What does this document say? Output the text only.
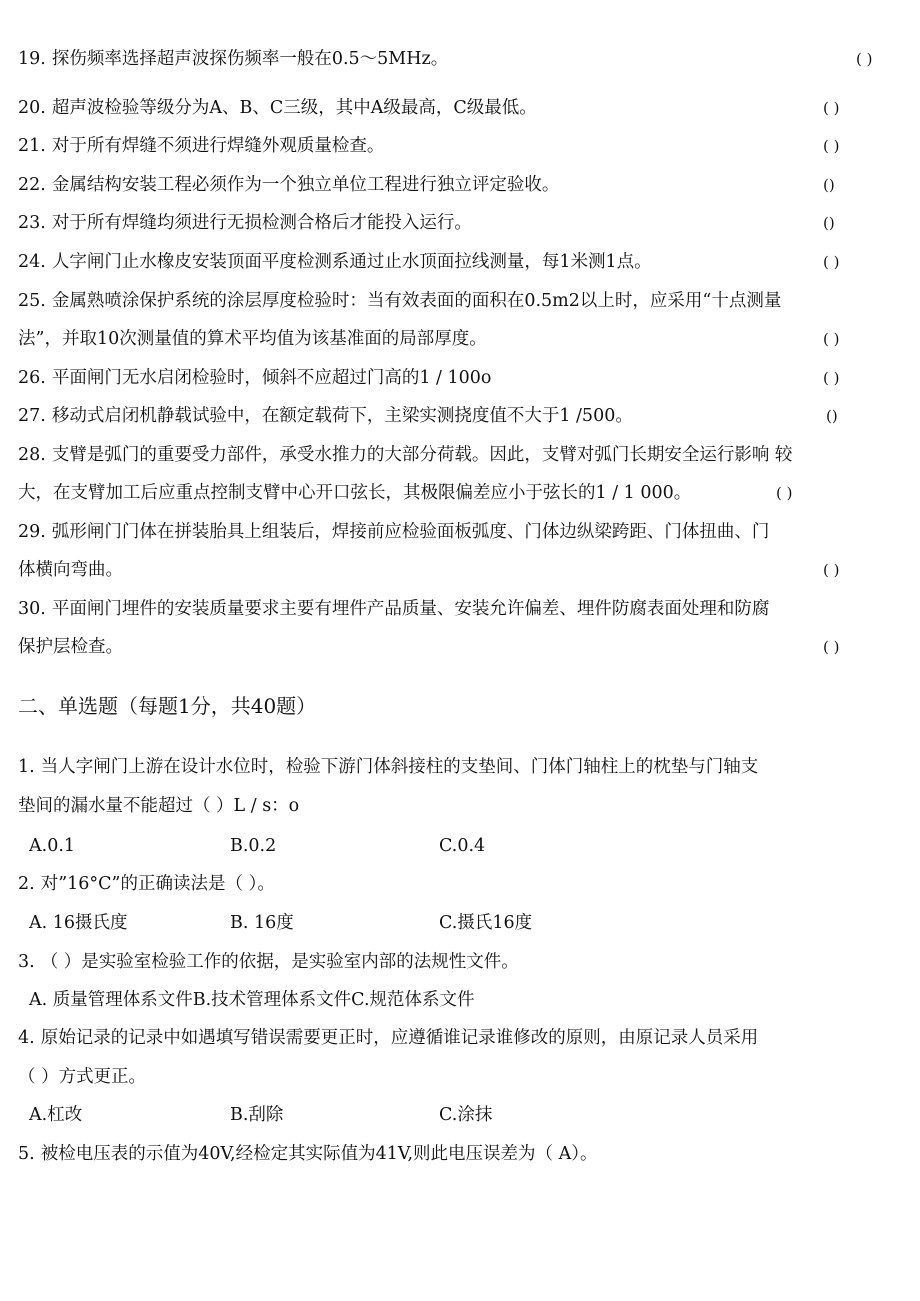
19. 探伤频率选择超声波探伤频率一般在0.5～5MHz。	( )
20. 超声波检验等级分为A、B、C三级，其中A级最高，C级最低。	( )
21. 对于所有焊缝不须进行焊缝外观质量检查。	( )
22. 金属结构安装工程必须作为一个独立单位工程进行独立评定验收。	()
23. 对于所有焊缝均须进行无损检测合格后才能投入运行。	()
24. 人字闸门止水橡皮安装顶面平度检测系通过止水顶面拉线测量，每1米测1点。	( )
25. 金属熟喷涂保护系统的涂层厚度检验时：当有效表面的面积在0.5m2以上时，应采用“十点测量
法”，并取10次测量值的算术平均值为该基准面的局部厚度。	( )
26. 平面闸门无水启闭检验时，倾斜不应超过门高的1 / 100o	( )
27. 移动式启闭机静载试验中，在额定载荷下，主梁实测挠度值不大于1 /500。	()
28. 支臂是弧门的重要受力部件，承受水推力的大部分荷载。因此，支臂对弧门长期安全运行影响 较
大，在支臂加工后应重点控制支臂中心开口弦长，其极限偏差应小于弦长的1 / 1 000。	( )
29. 弧形闸门门体在拼装胎具上组装后，焊接前应检验面板弧度、门体边纵梁跨距、门体扭曲、门
体横向弯曲。	( )
30. 平面闸门埋件的安装质量要求主要有埋件产品质量、安装允许偏差、埋件防腐表面处理和防腐
保护层检查。	( )
二、单选题（每题1分，共40题）
1. 当人字闸门上游在设计水位时，检验下游门体斜接柱的支垫间、门体门轴柱上的枕垫与门轴支
垫间的漏水量不能超过（ ）L / s：o
A.0.1	B.0.2	C.0.4
2. 对”16°C”的正确读法是（ ）。
A. 16摄氏度	B. 16度	C.摄氏16度
3. （ ）是实验室检验工作的依据，是实验室内部的法规性文件。
A. 质量管理体系文件B.技术管理体系文件C.规范体系文件
4. 原始记录的记录中如遇填写错误需要更正时，应遵循谁记录谁修改的原则，由原记录人员采用
（ ）方式更正。
A.杠改	B.刮除	C.涂抹
5. 被检电压表的示值为40V,经检定其实际值为41V,则此电压误差为（ A）。
